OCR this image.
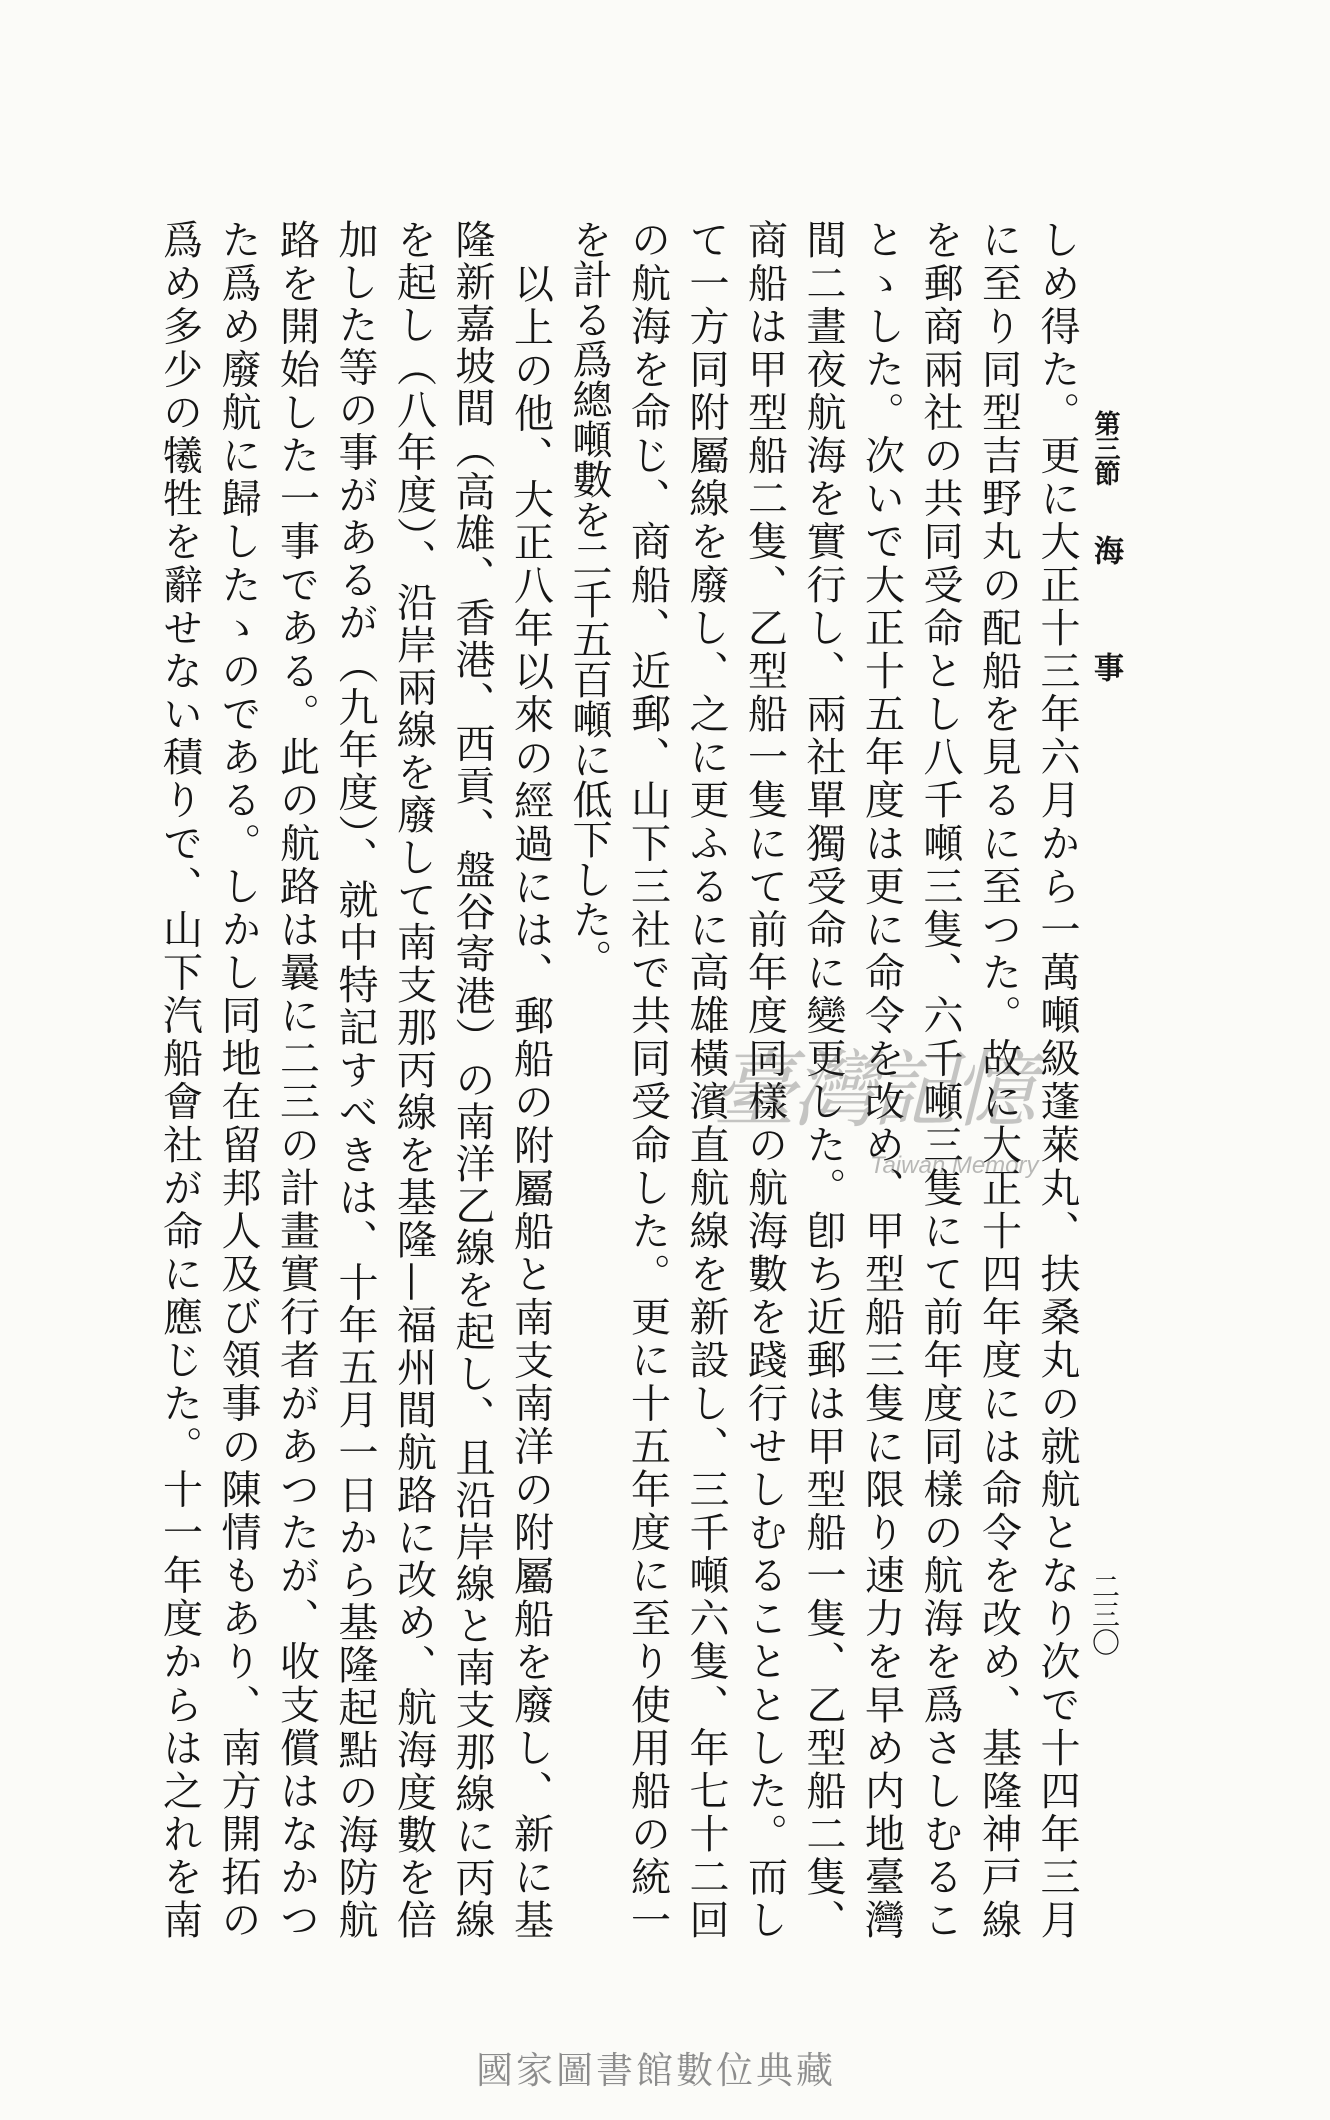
第三節
海
事
二三〇
しめ得た。更に大正十三年六月から一萬噸級蓬萊丸、扶桑丸の就航となり次で十四年三月
に至り同型吉野丸の配船を見るに至つた。故に大正十四年度には命令を改め、基隆神戸線
を郵商兩社の共同受命とし八千噸三隻、六千噸三隻にて前年度同樣の航海を爲さしむるこ
とゝした。次いで大正十五年度は更に命令を改め、甲型船三隻に限り速力を早め内地臺灣
間二晝夜航海を實行し、兩社單獨受命に變更した。卽ち近郵は甲型船一隻、乙型船二隻、
商船は甲型船二隻、乙型船一隻にて前年度同樣の航海數を踐行せしむることとした。而し
て一方同附屬線を廢し、之に更ふるに高雄橫濱直航線を新設し、三千噸六隻、年七十二回
の航海を命じ、商船、近郵、山下三社で共同受命した。更に十五年度に至り使用船の統一
を計る爲總噸數を二千五百噸に低下した。
以上の他、大正八年以來の經過には、郵船の附屬船と南支南洋の附屬船を廢し、新に基
隆新嘉坡間（高雄、香港、西貢、盤谷寄港）の南洋乙線を起し、且沿岸線と南支那線に丙線
を起し（八年度）、沿岸兩線を廢して南支那丙線を基隆—福州間航路に改め、航海度數を倍
加した等の事があるが（九年度）、就中特記すべきは、十年五月一日から基隆起點の海防航
路を開始した一事である。此の航路は曩に二三の計畫實行者があつたが、收支償はなかつ
た爲め廢航に歸したゝのである。しかし同地在留邦人及び領事の陳情もあり、南方開拓の
爲め多少の犧牲を辭せない積りで、山下汽船會社が命に應じた。十一年度からは之れを南	臺灣記憶
Taiwan Memory
國家圖書館數位典藏
